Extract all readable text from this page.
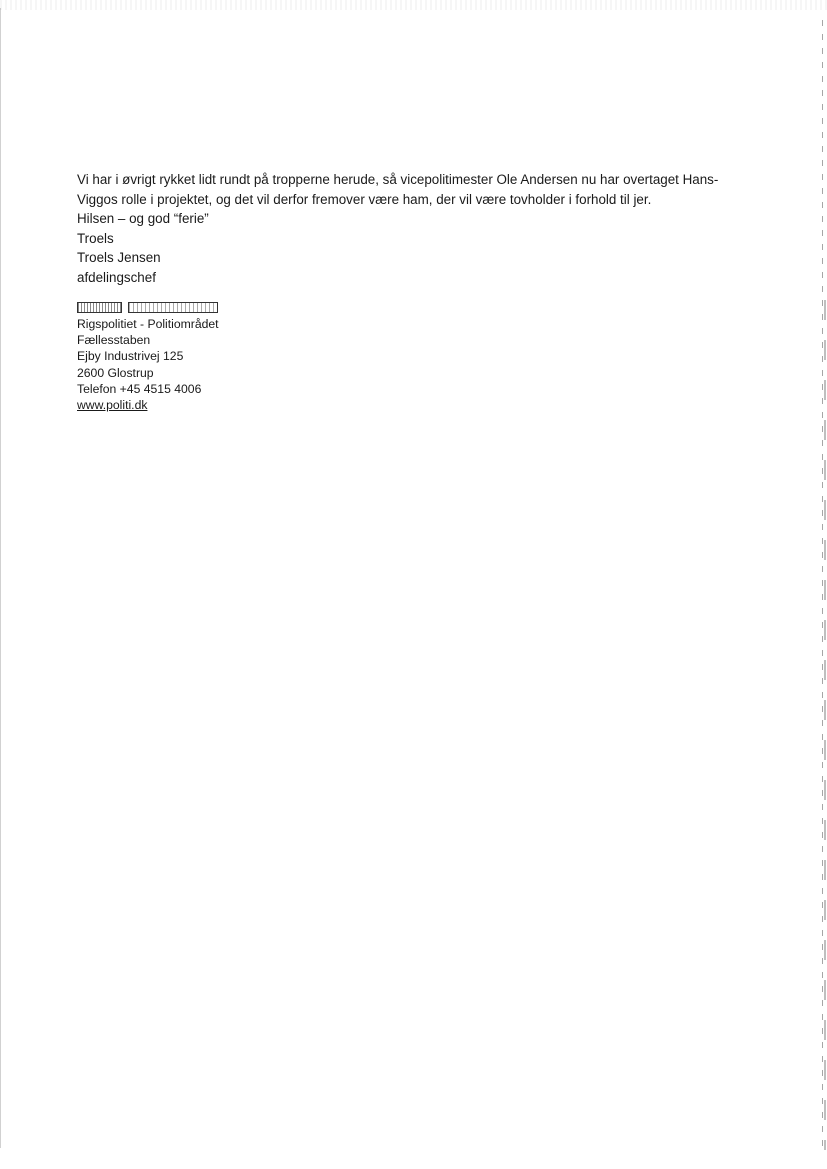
Vi har i øvrigt rykket lidt rundt på tropperne herude, så vicepolitimester Ole Andersen nu har overtaget Hans-
Viggos rolle i projektet, og det vil derfor fremover være ham, der vil være tovholder i forhold til jer.

Hilsen – og god “ferie”
Troels

Troels Jensen
afdelingschef

Rigspolitiet - Politiområdet
Fællesstaben
Ejby Industrivej 125
2600 Glostrup
Telefon +45 4515 4006
www.politi.dk
